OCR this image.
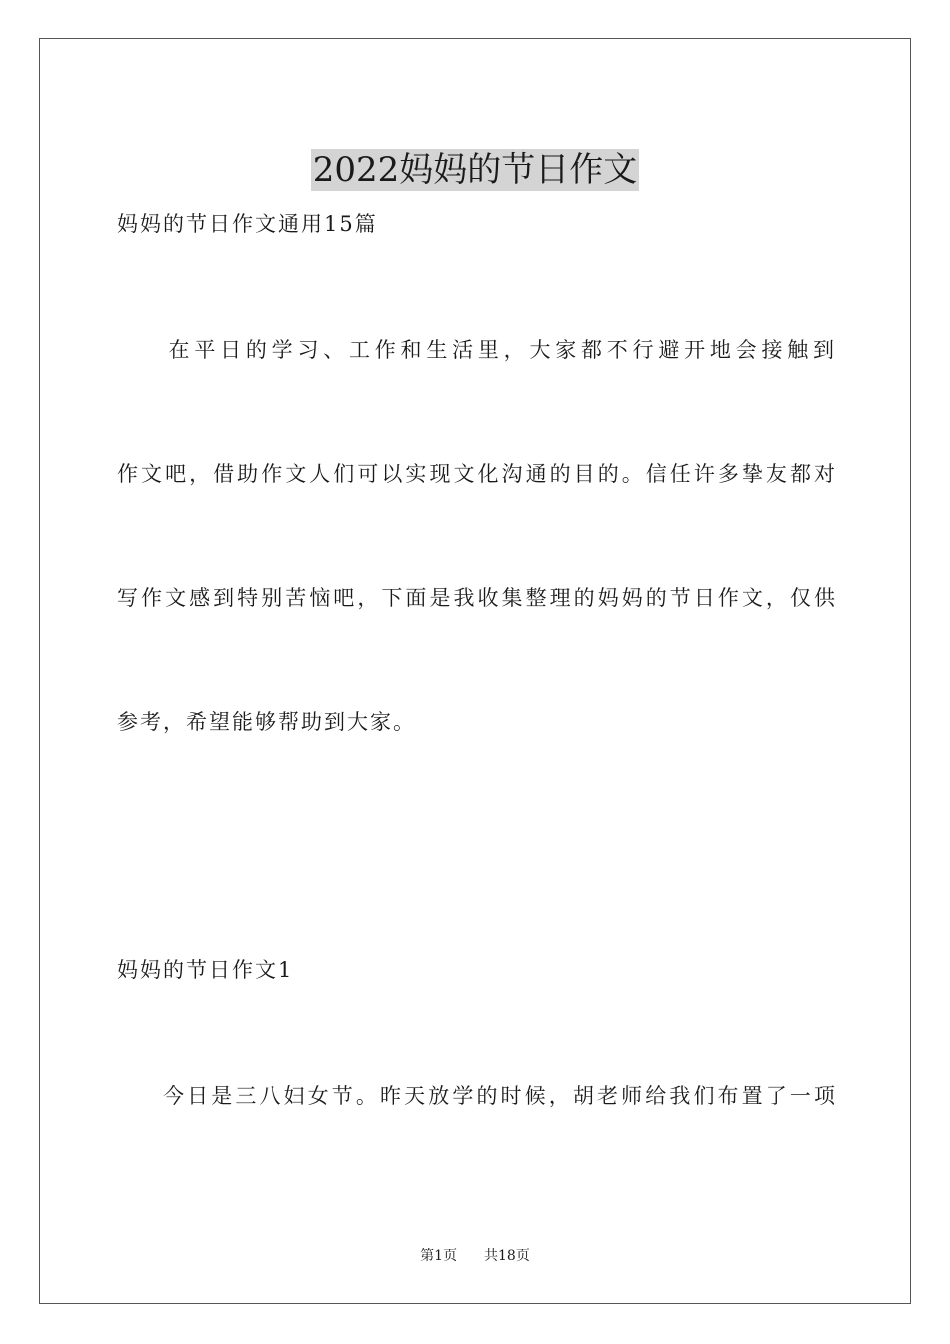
2022妈妈的节日作文
妈妈的节日作文通用15篇
　　在平日的学习、工作和生活里，大家都不行避开地会接触到
作文吧，借助作文人们可以实现文化沟通的目的。信任许多挚友都对
写作文感到特别苦恼吧，下面是我收集整理的妈妈的节日作文，仅供
参考，希望能够帮助到大家。
妈妈的节日作文1
今日是三八妇女节。昨天放学的时候，胡老师给我们布置了一项
第1页 共18页
